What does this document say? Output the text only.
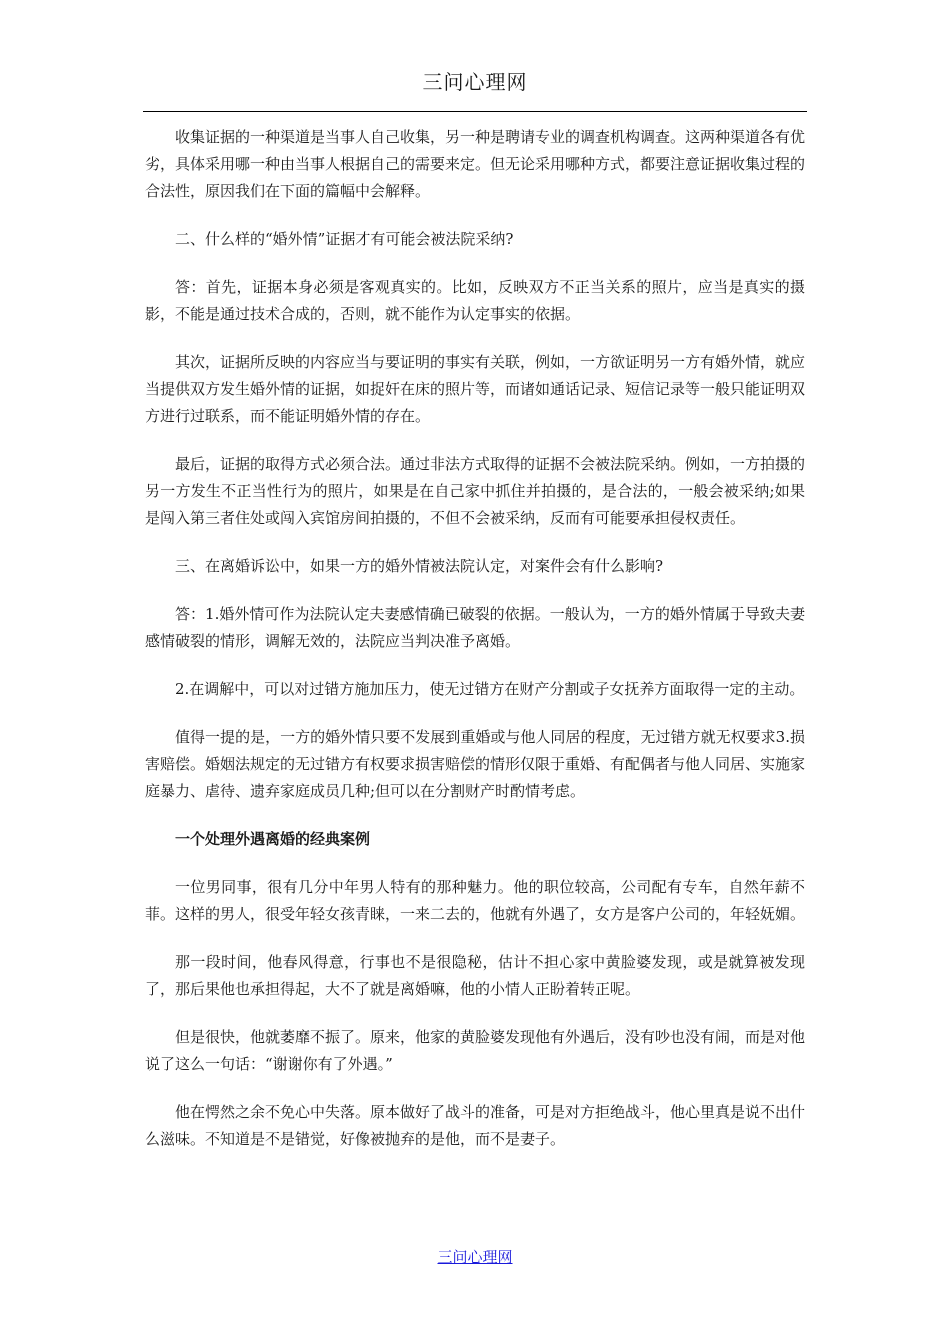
三问心理网

收集证据的一种渠道是当事人自己收集，另一种是聘请专业的调查机构调查。这两种渠道各有优劣，具体采用哪一种由当事人根据自己的需要来定。但无论采用哪种方式，都要注意证据收集过程的合法性，原因我们在下面的篇幅中会解释。

二、什么样的“婚外情”证据才有可能会被法院采纳?

答：首先，证据本身必须是客观真实的。比如，反映双方不正当关系的照片，应当是真实的摄影，不能是通过技术合成的，否则，就不能作为认定事实的依据。

其次，证据所反映的内容应当与要证明的事实有关联，例如，一方欲证明另一方有婚外情，就应当提供双方发生婚外情的证据，如捉奸在床的照片等，而诸如通话记录、短信记录等一般只能证明双方进行过联系，而不能证明婚外情的存在。

最后，证据的取得方式必须合法。通过非法方式取得的证据不会被法院采纳。例如，一方拍摄的另一方发生不正当性行为的照片，如果是在自己家中抓住并拍摄的，是合法的，一般会被采纳;如果是闯入第三者住处或闯入宾馆房间拍摄的，不但不会被采纳，反而有可能要承担侵权责任。

三、在离婚诉讼中，如果一方的婚外情被法院认定，对案件会有什么影响?

答：1.婚外情可作为法院认定夫妻感情确已破裂的依据。一般认为，一方的婚外情属于导致夫妻感情破裂的情形，调解无效的，法院应当判决准予离婚。

2.在调解中，可以对过错方施加压力，使无过错方在财产分割或子女抚养方面取得一定的主动。

值得一提的是，一方的婚外情只要不发展到重婚或与他人同居的程度，无过错方就无权要求3.损害赔偿。婚姻法规定的无过错方有权要求损害赔偿的情形仅限于重婚、有配偶者与他人同居、实施家庭暴力、虐待、遗弃家庭成员几种;但可以在分割财产时酌情考虑。

一个处理外遇离婚的经典案例

一位男同事，很有几分中年男人特有的那种魅力。他的职位较高，公司配有专车，自然年薪不菲。这样的男人，很受年轻女孩青睐，一来二去的，他就有外遇了，女方是客户公司的，年轻妩媚。

那一段时间，他春风得意，行事也不是很隐秘，估计不担心家中黄脸婆发现，或是就算被发现了，那后果他也承担得起，大不了就是离婚嘛，他的小情人正盼着转正呢。

但是很快，他就萎靡不振了。原来，他家的黄脸婆发现他有外遇后，没有吵也没有闹，而是对他说了这么一句话：“谢谢你有了外遇。”

他在愕然之余不免心中失落。原本做好了战斗的准备，可是对方拒绝战斗，他心里真是说不出什么滋味。不知道是不是错觉，好像被抛弃的是他，而不是妻子。

三问心理网
